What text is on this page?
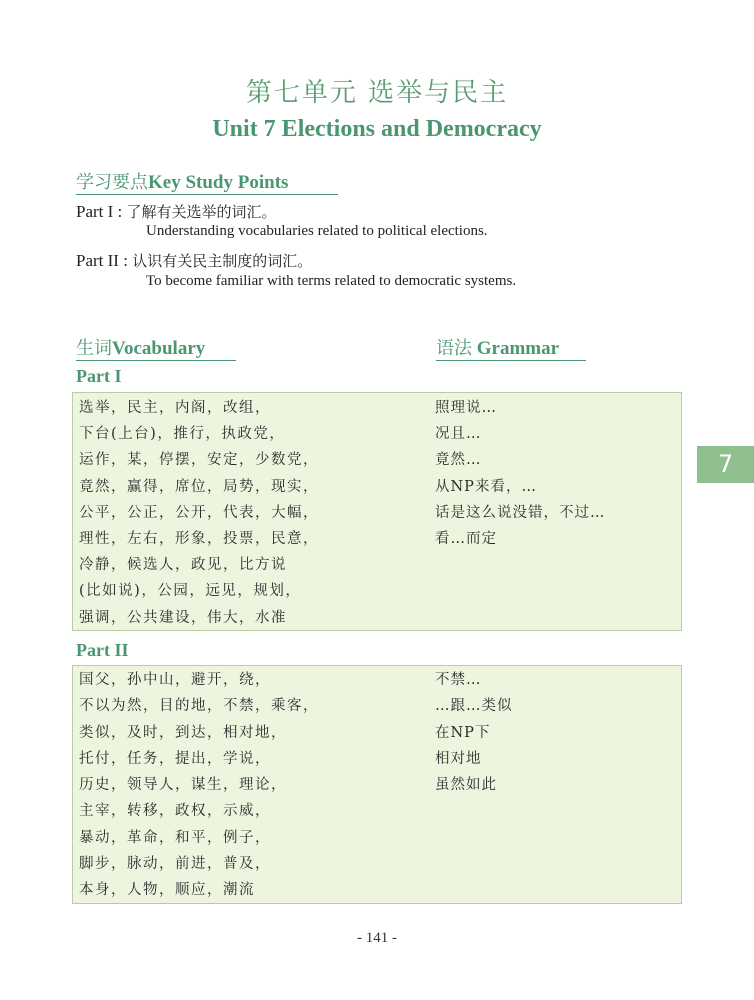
第七单元 选举与民主
Unit 7 Elections and Democracy
学习要点Key Study Points
Part I : 了解有关选举的词汇。
Understanding vocabularies related to political elections.
Part II : 认识有关民主制度的词汇。
To become familiar with terms related to democratic systems.
生词Vocabulary	语法 Grammar
Part I
选举，民主，内阁，改组，
下台(上台)，推行，执政党，
运作，某，停摆，安定，少数党，
竟然，赢得，席位，局势，现实，
公平，公正，公开，代表，大幅，
理性，左右，形象，投票，民意，
冷静，候选人，政见，比方说
(比如说)，公园，远见，规划，
强调，公共建设，伟大，水准
照理说…
况且…
竟然…
从NP来看，…
话是这么说没错，不过…
看…而定
Part II
国父，孙中山，避开，绕，
不以为然，目的地，不禁，乘客，
类似，及时，到达，相对地，
托付，任务，提出，学说，
历史，领导人，谋生，理论，
主宰，转移，政权，示威，
暴动，革命，和平，例子，
脚步，脉动，前进，普及，
本身，人物，顺应，潮流
不禁…
…跟…类似
在NP下
相对地
虽然如此
7
- 141 -
